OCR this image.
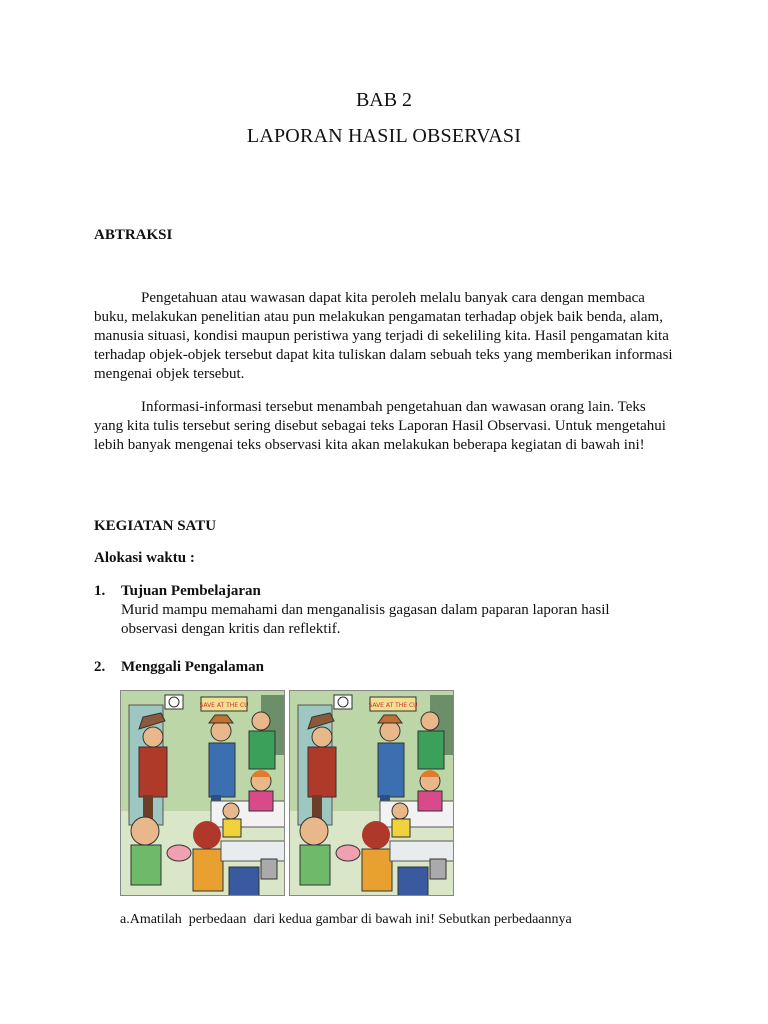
BAB 2
LAPORAN HASIL OBSERVASI
ABTRAKSI

Pengetahuan atau wawasan dapat kita peroleh melalu banyak cara dengan membaca buku, melakukan penelitian atau pun melakukan pengamatan terhadap objek baik benda, alam, manusia situasi, kondisi maupun peristiwa yang terjadi di sekeliling kita. Hasil pengamatan kita terhadap objek-objek tersebut dapat kita tuliskan dalam sebuah teks yang memberikan informasi mengenai objek tersebut.

Informasi-informasi tersebut menambah pengetahuan dan wawasan orang lain. Teks yang kita tulis tersebut sering disebut sebagai teks Laporan Hasil Observasi. Untuk mengetahui lebih banyak mengenai teks observasi kita akan melakukan beberapa kegiatan di bawah ini!

KEGIATAN SATU
Alokasi waktu :
1. Tujuan Pembelajaran
Murid mampu memahami dan menganalisis gagasan dalam paparan laporan hasil observasi dengan kritis dan reflektif.
2. Menggali Pengalaman
SAVE AT THE CU	SAVE AT THE CU
a.Amatilah  perbedaan  dari kedua gambar di bawah ini! Sebutkan perbedaannya
